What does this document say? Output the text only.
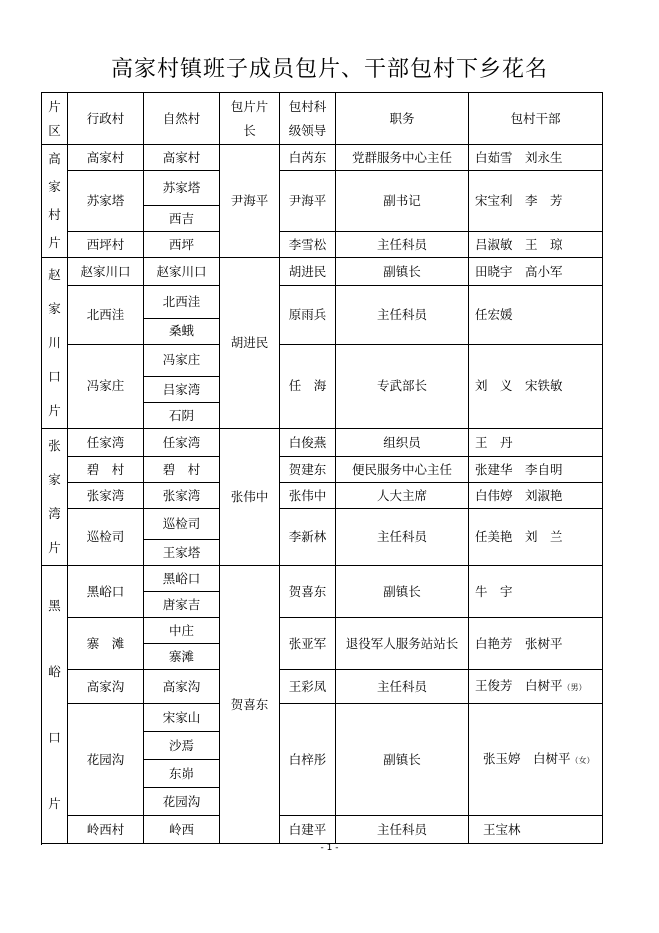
高家村镇班子成员包片、干部包村下乡花名
片区	行政村	自然村	包片片长	包村科级领导	职务	包村干部
高家村片	高家村	高家村	尹海平	白芮东	党群服务中心主任	白茹雪　刘永生
	苏家塔	苏家塔		尹海平	副书记	宋宝利　李　芳
		西吉				
	西坪村	西坪		李雪松	主任科员	吕淑敏　王　琼

赵家川口片	赵家川口	赵家川口	胡进民	胡进民	副镇长	田晓宇　高小军
	北西洼	北西洼		原雨兵	主任科员	任宏媛
		桑蛾				
	冯家庄	冯家庄		任　海	专武部长	刘　义　宋铁敏
		吕家湾				
		石阴				
张家湾片	任家湾	任家湾	张伟中	白俊燕	组织员	王　丹
	碧　村	碧　村		贺建东	便民服务中心主任	张建华　李自明
	张家湾	张家湾		张伟中	人大主席	白伟婷　刘淑艳
	巡检司	巡检司		李新林	主任科员	任美艳　刘　兰
		王家塔				
黑峪口片	黑峪口	黑峪口	贺喜东	贺喜东	副镇长	牛　宇
		唐家吉				
	寨　滩	中庄		张亚军	退役军人服务站站长	白艳芳　张树平
		寨滩				
	高家沟	高家沟		王彩凤	主任科员	王俊芳　白树平（男）
	花园沟	宋家山		白梓彤	副镇长	张玉婷　白树平（女）
		沙焉				
		东峁				
		花园沟				
	岭西村	岭西		白建平	主任科员	王宝林

- 1 -
